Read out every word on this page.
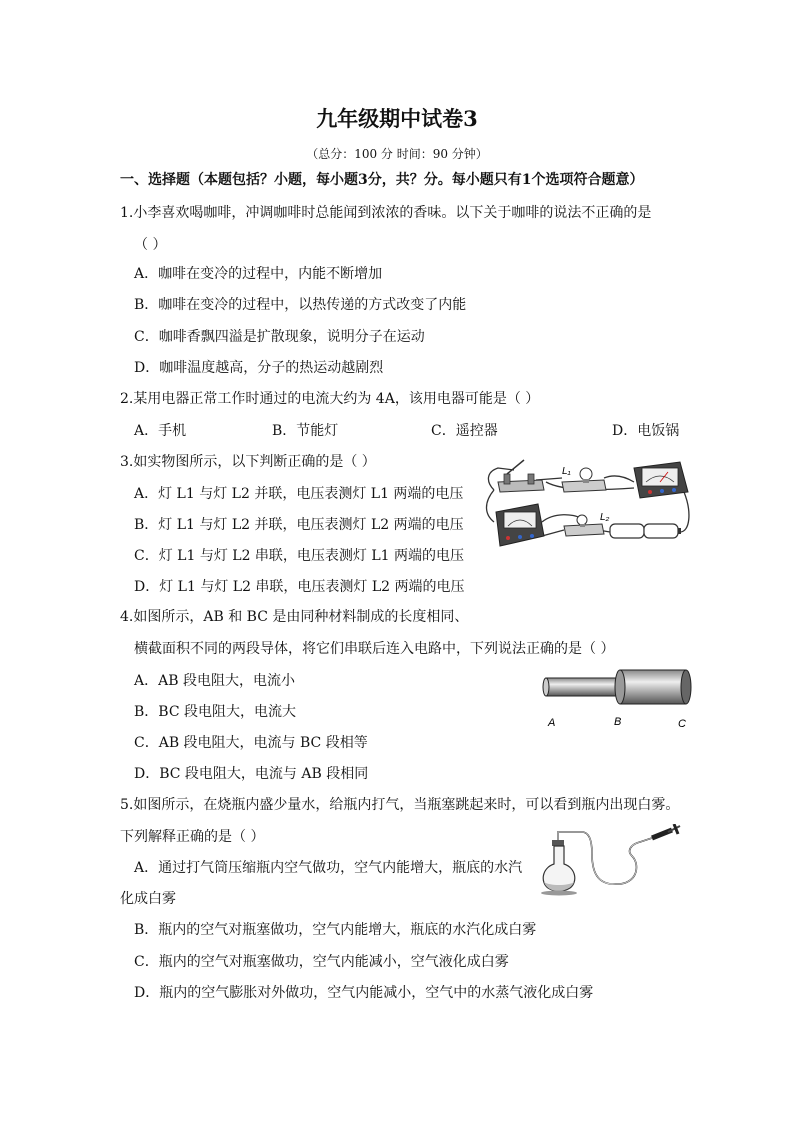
九年级期中试卷3
（总分：100 分 时间：90 分钟）
一、选择题（本题包括？小题，每小题3分，共？分。每小题只有1个选项符合题意）
1.小李喜欢喝咖啡，冲调咖啡时总能闻到浓浓的香味。以下关于咖啡的说法不正确的是
（ ）
A．咖啡在变冷的过程中，内能不断增加
B．咖啡在变冷的过程中，以热传递的方式改变了内能
C．咖啡香飘四溢是扩散现象，说明分子在运动
D．咖啡温度越高，分子的热运动越剧烈
2.某用电器正常工作时通过的电流大约为 4A，该用电器可能是（ ）
A．手机	B．节能灯	C．遥控器	D．电饭锅
3.如实物图所示，以下判断正确的是（ ）
A．灯 L1 与灯 L2 并联，电压表测灯 L1 两端的电压
B．灯 L1 与灯 L2 并联，电压表测灯 L2 两端的电压
C．灯 L1 与灯 L2 串联，电压表测灯 L1 两端的电压
D．灯 L1 与灯 L2 串联，电压表测灯 L2 两端的电压
L₁
L₂
4.如图所示，AB 和 BC 是由同种材料制成的长度相同、
横截面积不同的两段导体，将它们串联后连入电路中，下列说法正确的是（ ）
A．AB 段电阻大，电流小
B．BC 段电阻大，电流大
C．AB 段电阻大，电流与 BC 段相等
D．BC 段电阻大，电流与 AB 段相同
A	B	C
5.如图所示，在烧瓶内盛少量水，给瓶内打气，当瓶塞跳起来时，可以看到瓶内出现白雾。
下列解释正确的是（ ）
A．通过打气筒压缩瓶内空气做功，空气内能增大，瓶底的水汽
化成白雾
B．瓶内的空气对瓶塞做功，空气内能增大，瓶底的水汽化成白雾
C．瓶内的空气对瓶塞做功，空气内能减小，空气液化成白雾
D．瓶内的空气膨胀对外做功，空气内能减小，空气中的水蒸气液化成白雾
